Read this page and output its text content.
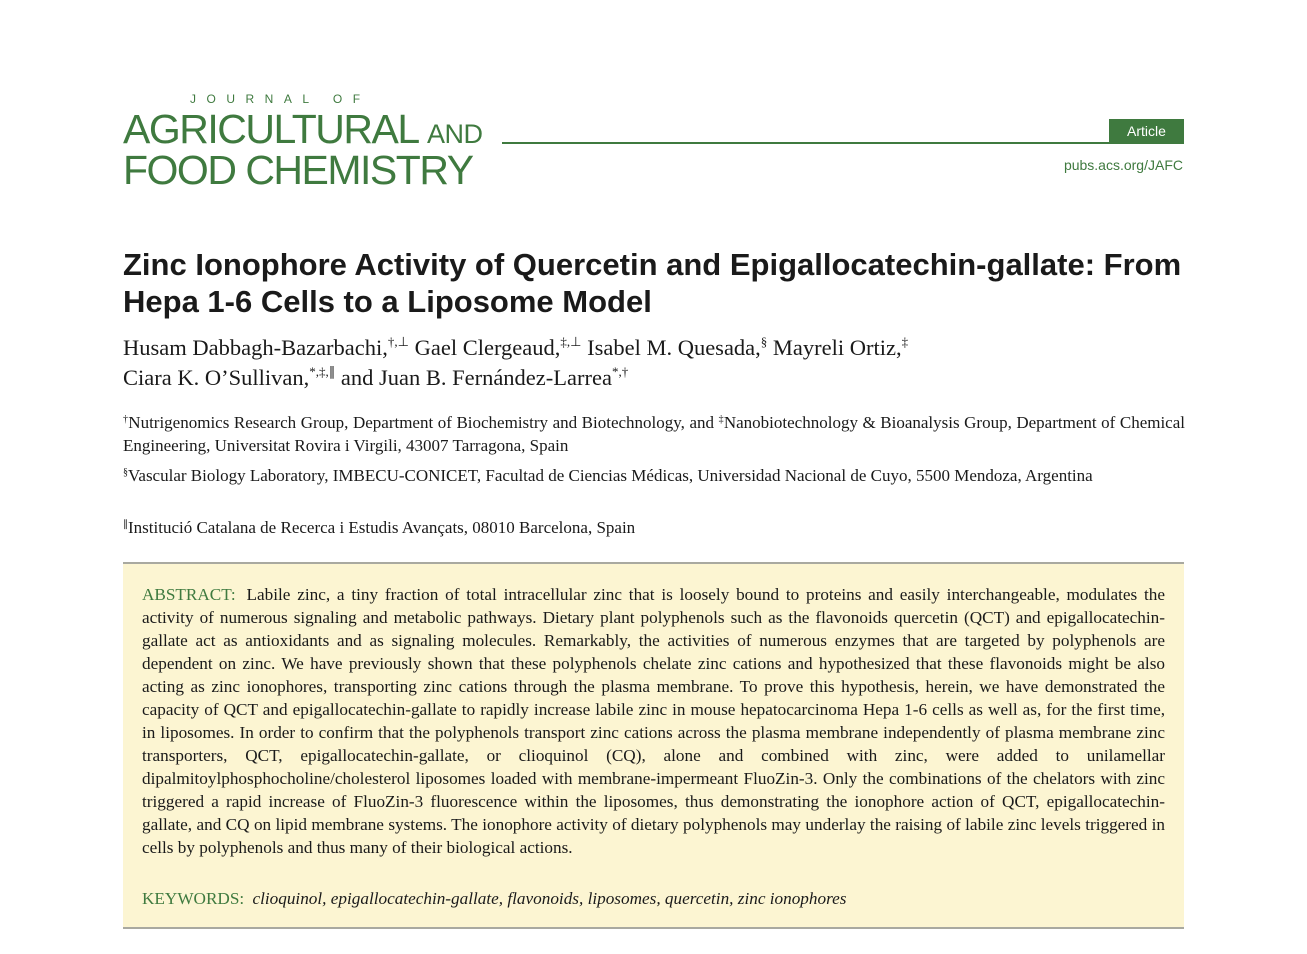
JOURNAL OF
AGRICULTURAL AND
FOOD CHEMISTRY
Article
pubs.acs.org/JAFC
Zinc Ionophore Activity of Quercetin and Epigallocatechin-gallate: From Hepa 1-6 Cells to a Liposome Model
Husam Dabbagh-Bazarbachi,†,⊥ Gael Clergeaud,‡,⊥ Isabel M. Quesada,§ Mayreli Ortiz,‡
Ciara K. O’Sullivan,*,‡,∥ and Juan B. Fernández-Larrea*,†
†Nutrigenomics Research Group, Department of Biochemistry and Biotechnology, and ‡Nanobiotechnology & Bioanalysis Group, Department of Chemical Engineering, Universitat Rovira i Virgili, 43007 Tarragona, Spain
§Vascular Biology Laboratory, IMBECU-CONICET, Facultad de Ciencias Médicas, Universidad Nacional de Cuyo, 5500 Mendoza, Argentina
∥Institució Catalana de Recerca i Estudis Avançats, 08010 Barcelona, Spain
ABSTRACT: Labile zinc, a tiny fraction of total intracellular zinc that is loosely bound to proteins and easily interchangeable, modulates the activity of numerous signaling and metabolic pathways. Dietary plant polyphenols such as the flavonoids quercetin (QCT) and epigallocatechin-gallate act as antioxidants and as signaling molecules. Remarkably, the activities of numerous enzymes that are targeted by polyphenols are dependent on zinc. We have previously shown that these polyphenols chelate zinc cations and hypothesized that these flavonoids might be also acting as zinc ionophores, transporting zinc cations through the plasma membrane. To prove this hypothesis, herein, we have demonstrated the capacity of QCT and epigallocatechin-gallate to rapidly increase labile zinc in mouse hepatocarcinoma Hepa 1-6 cells as well as, for the first time, in liposomes. In order to confirm that the polyphenols transport zinc cations across the plasma membrane independently of plasma membrane zinc transporters, QCT, epigallocatechin-gallate, or clioquinol (CQ), alone and combined with zinc, were added to unilamellar dipalmitoylphosphocholine/cholesterol liposomes loaded with membrane-impermeant FluoZin-3. Only the combinations of the chelators with zinc triggered a rapid increase of FluoZin-3 fluorescence within the liposomes, thus demonstrating the ionophore action of QCT, epigallocatechin-gallate, and CQ on lipid membrane systems. The ionophore activity of dietary polyphenols may underlay the raising of labile zinc levels triggered in cells by polyphenols and thus many of their biological actions.
KEYWORDS: clioquinol, epigallocatechin-gallate, flavonoids, liposomes, quercetin, zinc ionophores
